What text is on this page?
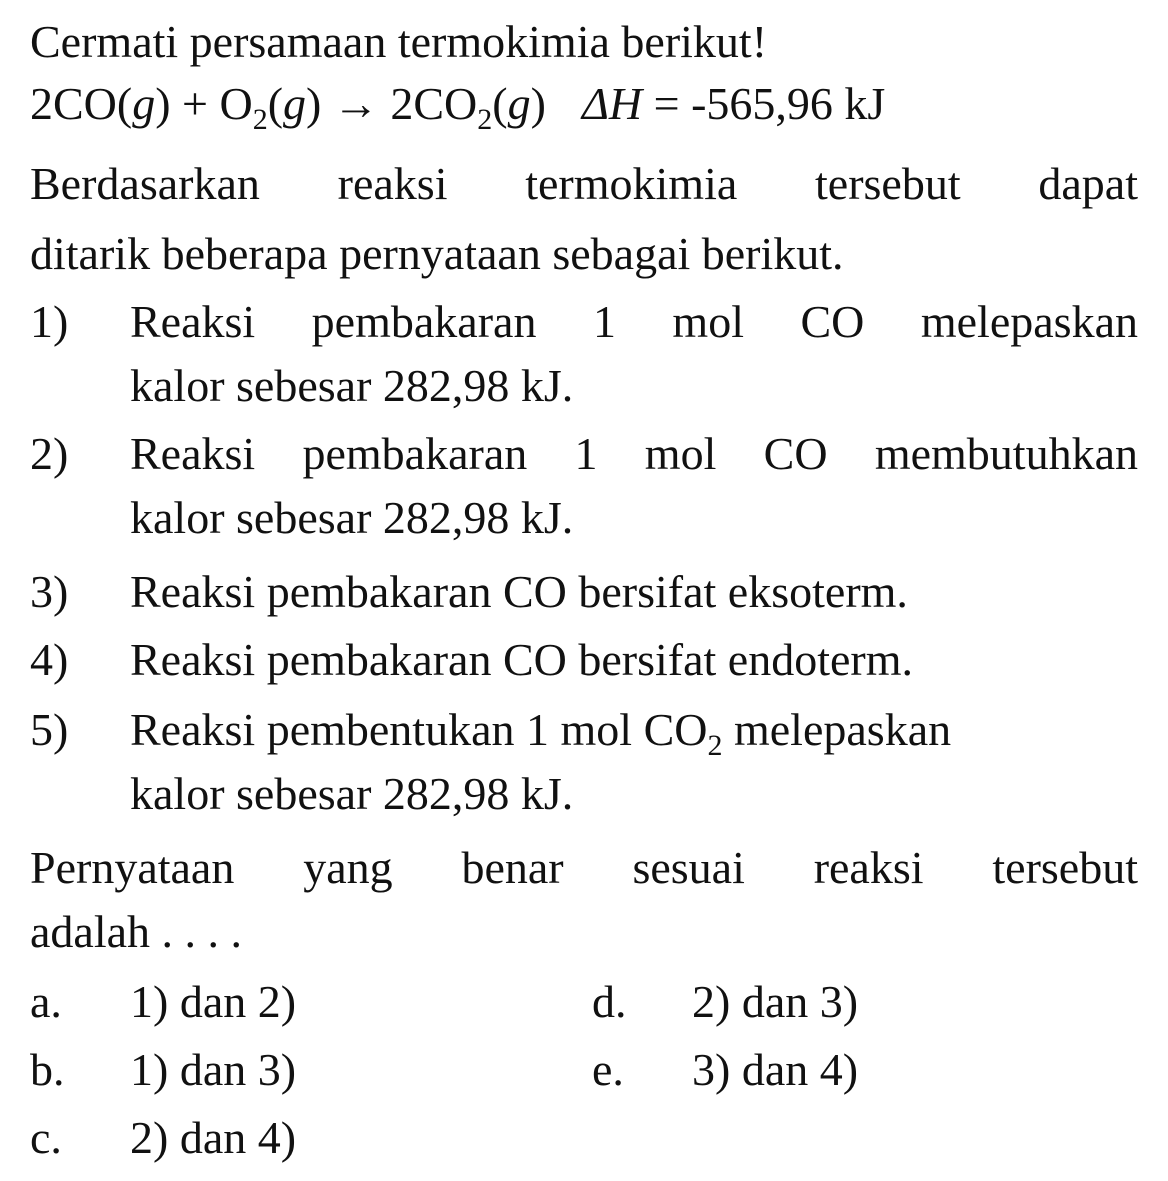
Cermati persamaan termokimia berikut!
$2CO(g) + O_2(g) \to 2CO_2(g) \Delta H = -565,96$ kJ
Berdasarkan reaksi termokimia tersebut dapat
ditarik beberapa pernyataan sebagai berikut.
1) Reaksi pembakaran 1 mol CO melepaskan
kalor sebesar 282,98 kJ.
2) Reaksi pembakaran 1 mol CO membutuhkan
kalor sebesar 282,98 kJ.
3) Reaksi pembakaran CO bersifat eksoterm.
4) Reaksi pembakaran CO bersifat endoterm.
5) Reaksi pembentukan 1 mol $CO_2$ melepaskan
kalor sebesar 282,98 kJ.
Pernyataan yang benar sesuai reaksi tersebut
adalah . . . .
a. 1) dan 2)
b. 1) dan 3)
c. 2) dan 4)
d. 2) dan 3)
e. 3) dan 4)
